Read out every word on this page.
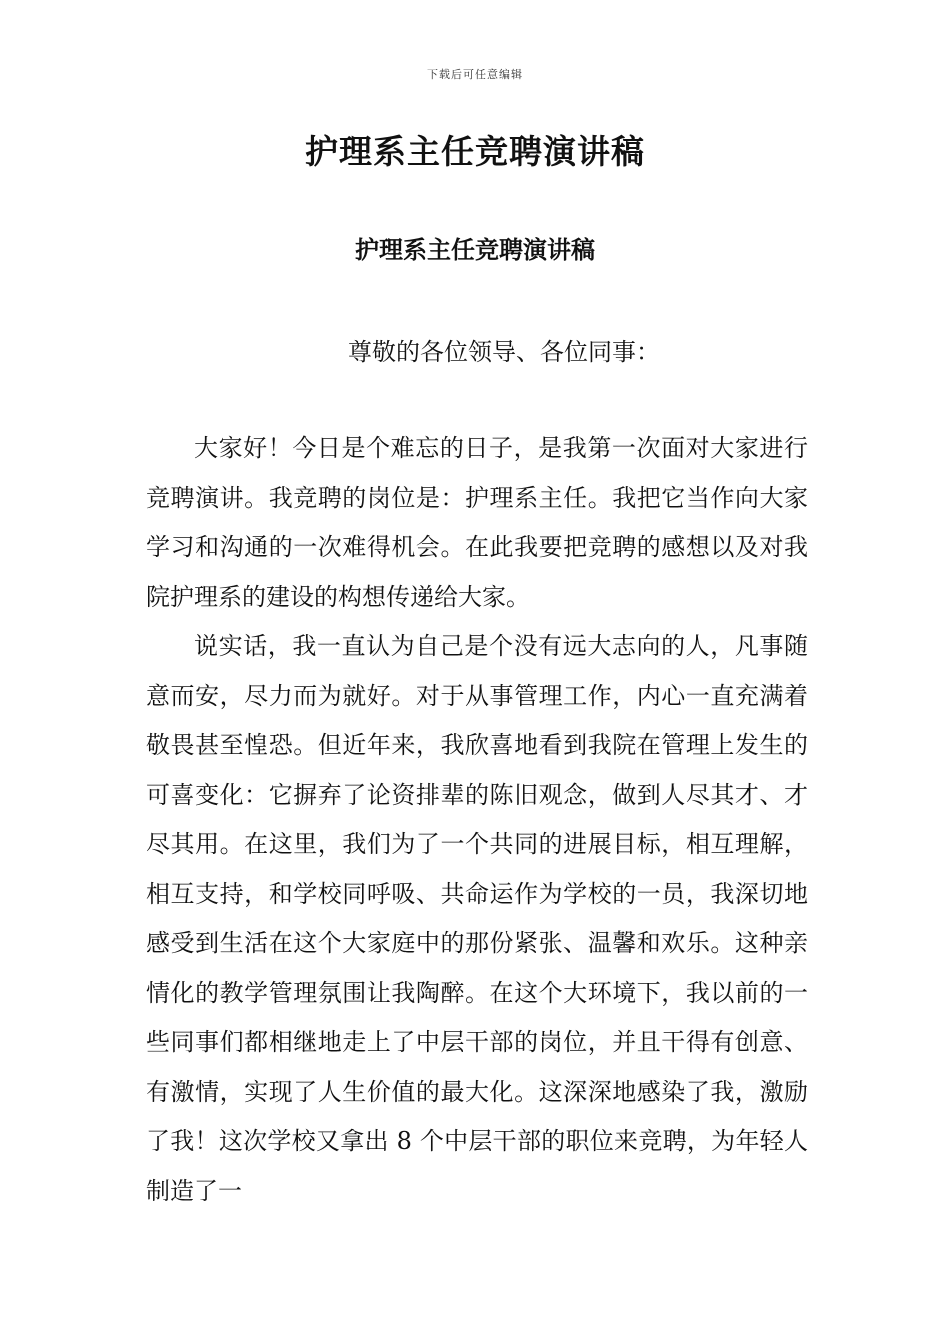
下载后可任意编辑
护理系主任竞聘演讲稿
护理系主任竞聘演讲稿

尊敬的各位领导、各位同事：

大家好！今日是个难忘的日子，是我第一次面对大家进行竞聘演讲。我竞聘的岗位是：护理系主任。我把它当作向大家学习和沟通的一次难得机会。在此我要把竞聘的感想以及对我院护理系的建设的构想传递给大家。

说实话，我一直认为自己是个没有远大志向的人，凡事随意而安，尽力而为就好。对于从事管理工作，内心一直充满着敬畏甚至惶恐。但近年来，我欣喜地看到我院在管理上发生的可喜变化：它摒弃了论资排辈的陈旧观念，做到人尽其才、才尽其用。在这里，我们为了一个共同的进展目标，相互理解，相互支持，和学校同呼吸、共命运作为学校的一员，我深切地感受到生活在这个大家庭中的那份紧张、温馨和欢乐。这种亲情化的教学管理氛围让我陶醉。在这个大环境下，我以前的一些同事们都相继地走上了中层干部的岗位，并且干得有创意、有激情，实现了人生价值的最大化。这深深地感染了我，激励了我！这次学校又拿出 8 个中层干部的职位来竞聘，为年轻人制造了一
